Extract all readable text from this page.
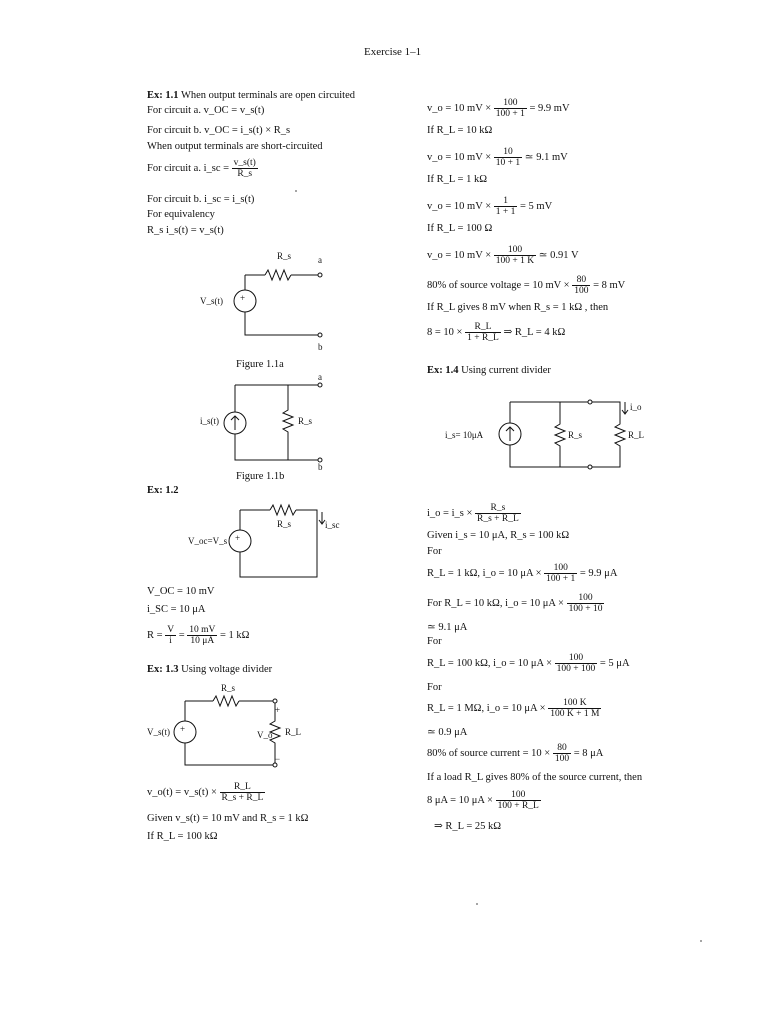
Exercise 1–1
Ex: 1.1 When output terminals are open circuited
For circuit a. v_OC = v_s(t)
For circuit b. v_OC = i_s(t) × R_s
When output terminals are short-circuited
For circuit a. i_sc = $\frac{v\_s(t)}{R\_s}$
For circuit b. i_sc = i_s(t)
For equivalency
R_s i_s(t) = v_s(t)
+
R_s	a
b
V_s(t)
Figure 1.1a
a
R_s
b
i_s(t)
Figure 1.1b
Ex: 1.2
+
R_s	i_sc
V_oc=V_s
V_OC = 10 mV
i_SC = 10 μA
$R = \frac{V}{i} = \frac{10 mV}{10 \mu A} = 1$ kΩ
Ex: 1.3 Using voltage divider
+
R_s
+
−
V_s(t)	V_o R_L
v_o(t) = v_s(t) × $\frac{R\_L}{R\_s + R\_L}$
Given v_s(t) = 10 mV and R_s = 1 kΩ
If R_L = 100 kΩ
v_o = 10 mV × $\frac{100}{100 + 1} = 9.9$ mV
If R_L = 10 kΩ
v_o = 10 mV × $\frac{10}{10 + 1}$ ≃ 9.1 mV
If R_L = 1 kΩ
v_o = 10 mV × $\frac{1}{1 + 1} = 5$ mV
If R_L = 100 Ω
v_o = 10 mV × $\frac{100}{100 + 1 K}$ ≃ 0.91 V
80% of source voltage = 10 mV × $\frac{80}{100} = 8$ mV
If R_L gives 8 mV when R_s = 1 kΩ , then
$8 = 10 \times \frac{R\_L}{1 + R\_L}$ ⇒ R_L = 4 kΩ
Ex: 1.4 Using current divider
i_s= 10μA	R_s	R_L
i_o
i_o = i_s × $\frac{R\_s}{R\_s + R\_L}$
Given i_s = 10 μA, R_s = 100 kΩ
For
R_L = 1 kΩ, i_o = 10 $\mu A \times \frac{100}{100 + 1} = 9.9$ μA
For R_L = 10 kΩ, i_o = 10 $\mu A \times \frac{100}{100 + 10}$
≃ 9.1 μA
For
R_L = 100 kΩ, i_o = 10 $\mu A \times \frac{100}{100 + 100} = 5$ μA
For
R_L = 1 MΩ, i_o = 10 $\mu A \times \frac{100 K}{100 K + 1 M}$
≃ 0.9 μA
80% of source current = $10 \times \frac{80}{100} = 8$ μA
If a load R_L gives 80% of the source current, then
8 μA = 10 $\mu A \times \frac{100}{100 + R\_L}$
⇒ R_L = 25 kΩ
